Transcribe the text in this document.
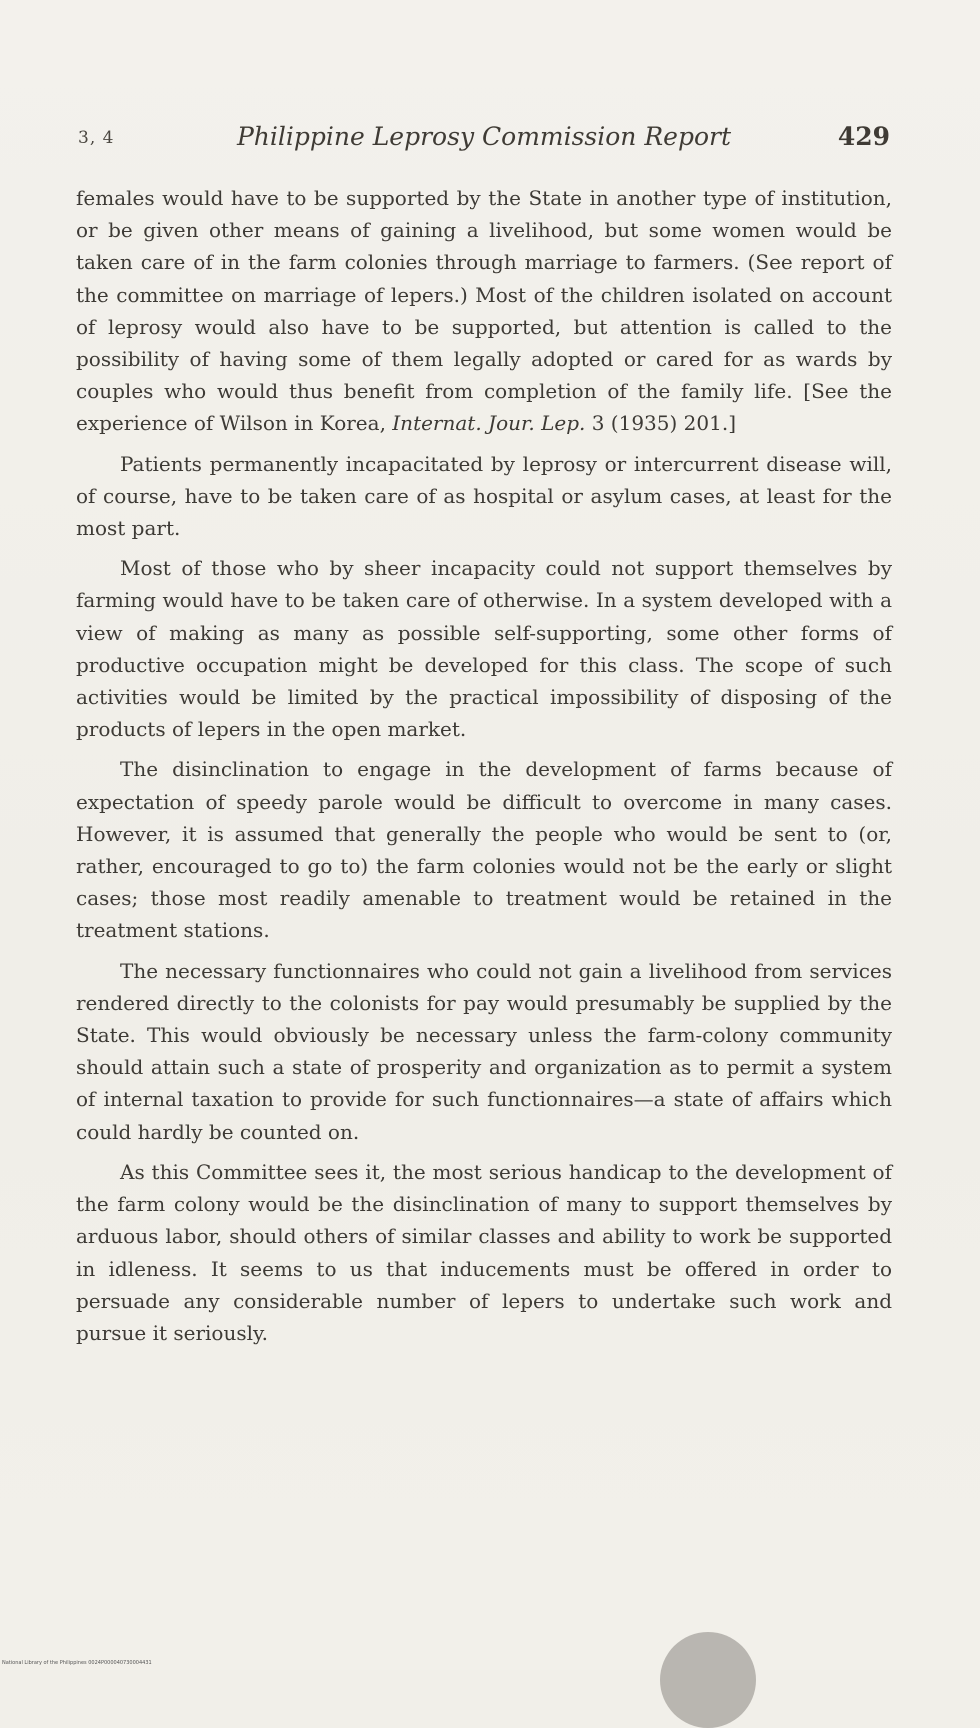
3, 4	Philippine Leprosy Commission Report	429

females would have to be supported by the State in another type of institution, or be given other means of gaining a livelihood, but some women would be taken care of in the farm colonies through marriage to farmers. (See report of the committee on marriage of lepers.) Most of the children isolated on account of leprosy would also have to be supported, but attention is called to the possibility of having some of them legally adopted or cared for as wards by couples who would thus benefit from completion of the family life. [See the experience of Wilson in Korea, Internat. Jour. Lep. 3 (1935) 201.]

Patients permanently incapacitated by leprosy or intercurrent disease will, of course, have to be taken care of as hospital or asylum cases, at least for the most part.

Most of those who by sheer incapacity could not support themselves by farming would have to be taken care of otherwise. In a system developed with a view of making as many as possible self-supporting, some other forms of productive occupation might be developed for this class. The scope of such activities would be limited by the practical impossibility of disposing of the products of lepers in the open market.

The disinclination to engage in the development of farms because of expectation of speedy parole would be difficult to overcome in many cases. However, it is assumed that generally the people who would be sent to (or, rather, encouraged to go to) the farm colonies would not be the early or slight cases; those most readily amenable to treatment would be retained in the treatment stations.

The necessary functionnaires who could not gain a livelihood from services rendered directly to the colonists for pay would presumably be supplied by the State. This would obviously be necessary unless the farm-colony community should attain such a state of prosperity and organization as to permit a system of internal taxation to provide for such functionnaires—a state of affairs which could hardly be counted on.

As this Committee sees it, the most serious handicap to the development of the farm colony would be the disinclination of many to support themselves by arduous labor, should others of similar classes and ability to work be supported in idleness. It seems to us that inducements must be offered in order to persuade any considerable number of lepers to undertake such work and pursue it seriously.

National Library of the Philippines 0024P000040730004431
